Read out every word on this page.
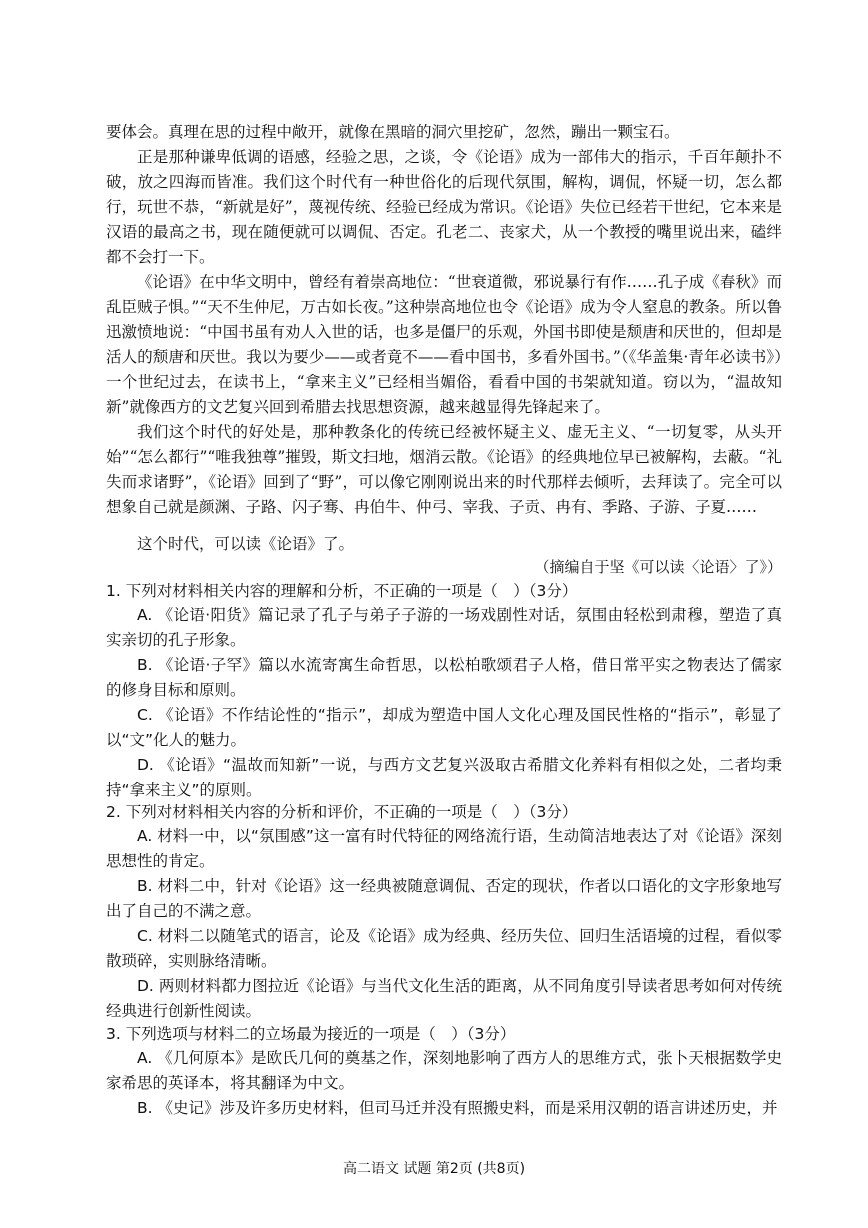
要体会。真理在思的过程中敞开，就像在黑暗的洞穴里挖矿，忽然，蹦出一颗宝石。

正是那种谦卑低调的语感，经验之思，之谈，令《论语》成为一部伟大的指示，千百年颠扑不破，放之四海而皆准。我们这个时代有一种世俗化的后现代氛围，解构，调侃，怀疑一切，怎么都行，玩世不恭，“新就是好”，蔑视传统、经验已经成为常识。《论语》失位已经若干世纪，它本来是汉语的最高之书，现在随便就可以调侃、否定。孔老二、丧家犬，从一个教授的嘴里说出来，磕绊都不会打一下。

《论语》在中华文明中，曾经有着崇高地位：“世衰道微，邪说暴行有作……孔子成《春秋》而乱臣贼子惧。”“天不生仲尼，万古如长夜。”这种崇高地位也令《论语》成为令人窒息的教条。所以鲁迅激愤地说：“中国书虽有劝人入世的话，也多是僵尸的乐观，外国书即使是颓唐和厌世的，但却是活人的颓唐和厌世。我以为要少——或者竟不——看中国书，多看外国书。”（《华盖集·青年必读书》）一个世纪过去，在读书上，“拿来主义”已经相当媚俗，看看中国的书架就知道。窃以为，“温故知新”就像西方的文艺复兴回到希腊去找思想资源，越来越显得先锋起来了。

我们这个时代的好处是，那种教条化的传统已经被怀疑主义、虚无主义、“一切复零，从头开始”“怎么都行”“唯我独尊”摧毁，斯文扫地，烟消云散。《论语》的经典地位早已被解构，去蔽。“礼失而求诸野”，《论语》回到了“野”，可以像它刚刚说出来的时代那样去倾听，去拜读了。完全可以想象自己就是颜渊、子路、闪子骞、冉伯牛、仲弓、宰我、子贡、冉有、季路、子游、子夏……

这个时代，可以读《论语》了。

（摘编自于坚《可以读〈论语〉了》）

1. 下列对材料相关内容的理解和分析，不正确的一项是（　）（3分）

A. 《论语·阳货》篇记录了孔子与弟子子游的一场戏剧性对话，氛围由轻松到肃穆，塑造了真实亲切的孔子形象。

B. 《论语·子罕》篇以水流寄寓生命哲思，以松柏歌颂君子人格，借日常平实之物表达了儒家的修身目标和原则。

C. 《论语》不作结论性的“指示”，却成为塑造中国人文化心理及国民性格的“指示”，彰显了以“文”化人的魅力。

D. 《论语》“温故而知新”一说，与西方文艺复兴汲取古希腊文化养料有相似之处，二者均秉持“拿来主义”的原则。

2. 下列对材料相关内容的分析和评价，不正确的一项是（　）（3分）

A. 材料一中，以“氛围感”这一富有时代特征的网络流行语，生动简洁地表达了对《论语》深刻思想性的肯定。

B. 材料二中，针对《论语》这一经典被随意调侃、否定的现状，作者以口语化的文字形象地写出了自己的不满之意。

C. 材料二以随笔式的语言，论及《论语》成为经典、经历失位、回归生活语境的过程，看似零散琐碎，实则脉络清晰。

D. 两则材料都力图拉近《论语》与当代文化生活的距离，从不同角度引导读者思考如何对传统经典进行创新性阅读。

3. 下列选项与材料二的立场最为接近的一项是（　）（3分）

A. 《几何原本》是欧氏几何的奠基之作，深刻地影响了西方人的思维方式，张卜天根据数学史家希思的英译本，将其翻译为中文。

B. 《史记》涉及许多历史材料，但司马迁并没有照搬史料，而是采用汉朝的语言讲述历史，并

高二语文 试题 第2页 (共8页)
